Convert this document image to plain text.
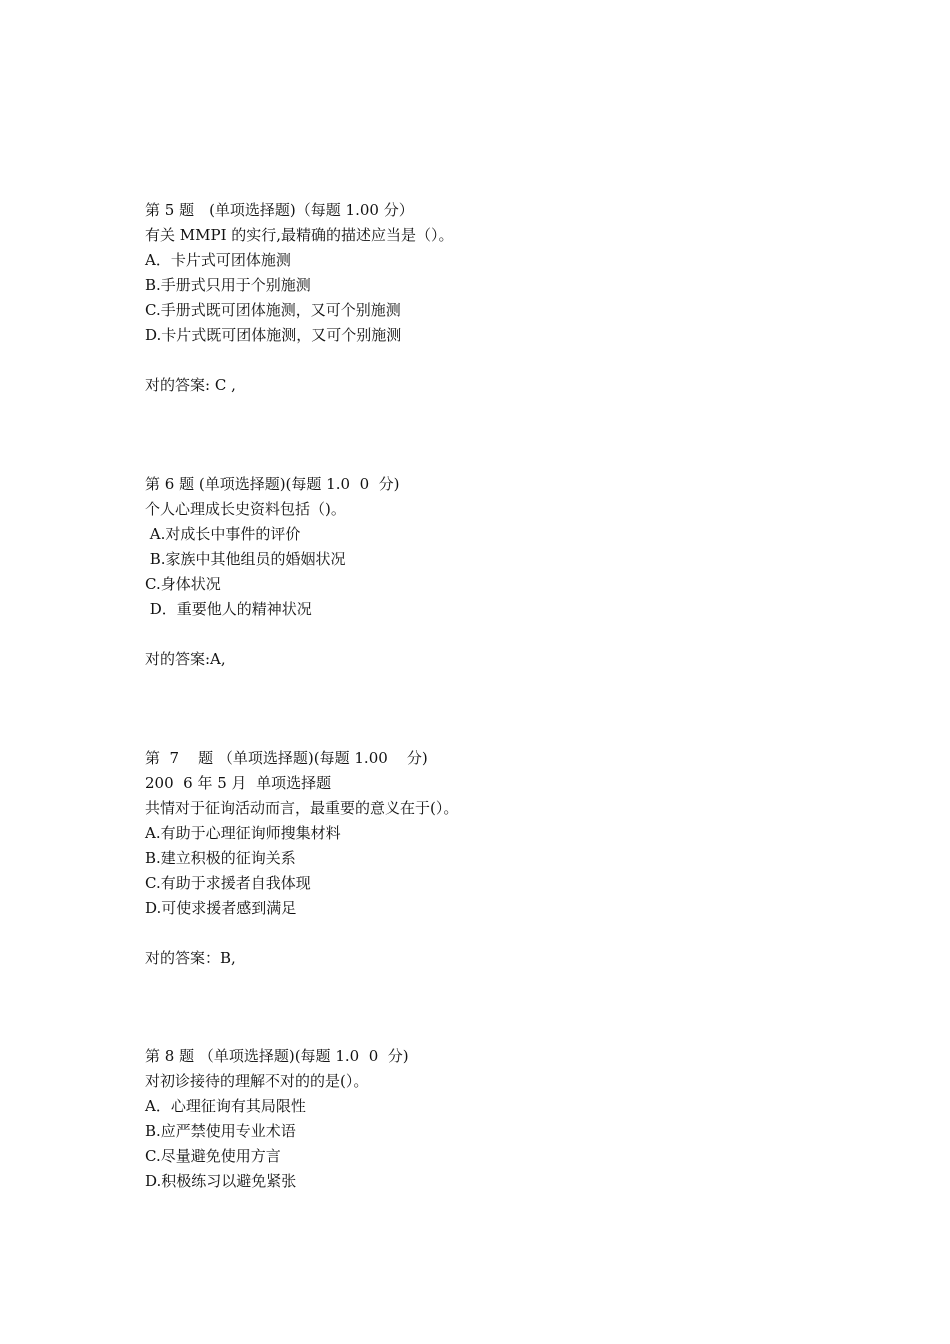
第 5 题　(单项选择题)（每题 1.00 分）
有关 MMPI 的实行,最精确的描述应当是（）。
A．卡片式可团体施测
B.手册式只用于个别施测
C.手册式既可团体施测，又可个别施测
D.卡片式既可团体施测，又可个别施测
对的答案: C ,
第 6 题 (单项选择题)(每题 1.0  0  分)
个人心理成长史资料包括（)。
A.对成长中事件的评价
B.家族中其他组员的婚姻状况
C.身体状况
D．重要他人的精神状况
对的答案:A,
第  7    题 （单项选择题)(每题 1.00    分)
200  6 年 5 月  单项选择题
共情对于征询活动而言，最重要的意义在于(）。
A.有助于心理征询师搜集材料
B.建立积极的征询关系
C.有助于求援者自我体现
D.可使求援者感到满足
对的答案：B,
第 8 题 （单项选择题)(每题 1.0  0  分)
对初诊接待的理解不对的的是(）。
A．心理征询有其局限性
B.应严禁使用专业术语
C.尽量避免使用方言
D.积极练习以避免紧张
